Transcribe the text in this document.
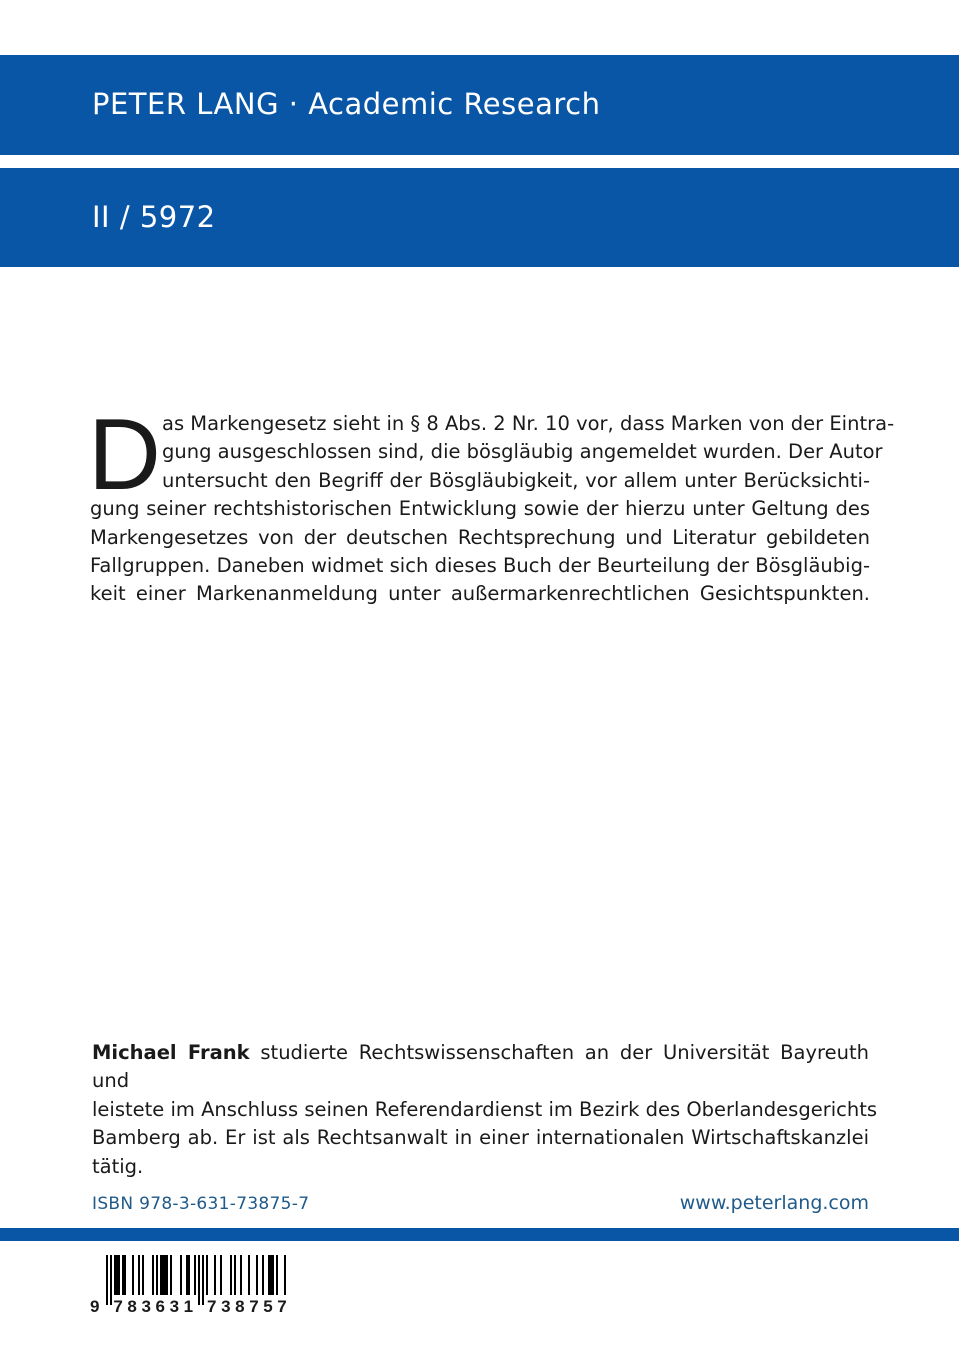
PETER LANG · Academic Research
II / 5972
D as Markengesetz sieht in § 8 Abs. 2 Nr. 10 vor, dass Marken von der Eintra-
gung ausgeschlossen sind, die bösgläubig angemeldet wurden. Der Autor
untersucht den Begriff der Bösgläubigkeit, vor allem unter Berücksichti-
gung seiner rechtshistorischen Entwicklung sowie der hierzu unter Geltung des
Markengesetzes von der deutschen Rechtsprechung und Literatur gebildeten
Fallgruppen. Daneben widmet sich dieses Buch der Beurteilung der Bösgläubig-
keit einer Markenanmeldung unter außermarkenrechtlichen Gesichtspunkten.
Michael Frank studierte Rechtswissenschaften an der Universität Bayreuth und
leistete im Anschluss seinen Referendardienst im Bezirk des Oberlandesgerichts
Bamberg ab. Er ist als Rechtsanwalt in einer internationalen Wirtschaftskanzlei
tätig.
ISBN 978-3-631-73875-7	www.peterlang.com
9 783631 738757
